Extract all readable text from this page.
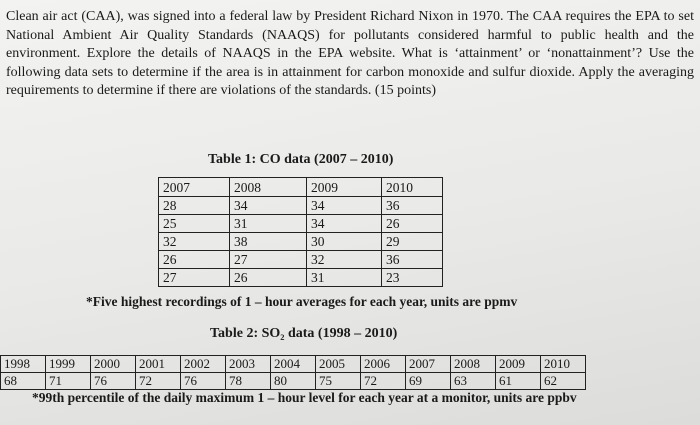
Clean air act (CAA), was signed into a federal law by President Richard Nixon in 1970. The CAA requires the EPA to set National Ambient Air Quality Standards (NAAQS) for pollutants considered harmful to public health and the environment. Explore the details of NAAQS in the EPA website. What is ‘attainment’ or ‘nonattainment’? Use the following data sets to determine if the area is in attainment for carbon monoxide and sulfur dioxide. Apply the averaging requirements to determine if there are violations of the standards. (15 points)
Table 1: CO data (2007 – 2010)
2007	2008	2009	2010
28	34	34	36
25	31	34	26
32	38	30	29
26	27	32	36
27	26	31	23
*Five highest recordings of 1 – hour averages for each year, units are ppmv
Table 2: SO₂ data (1998 – 2010)
1998	1999	2000	2001	2002	2003	2004	2005	2006	2007	2008	2009	2010
68	71	76	72	76	78	80	75	72	69	63	61	62
*99th percentile of the daily maximum 1 – hour level for each year at a monitor, units are ppbv
